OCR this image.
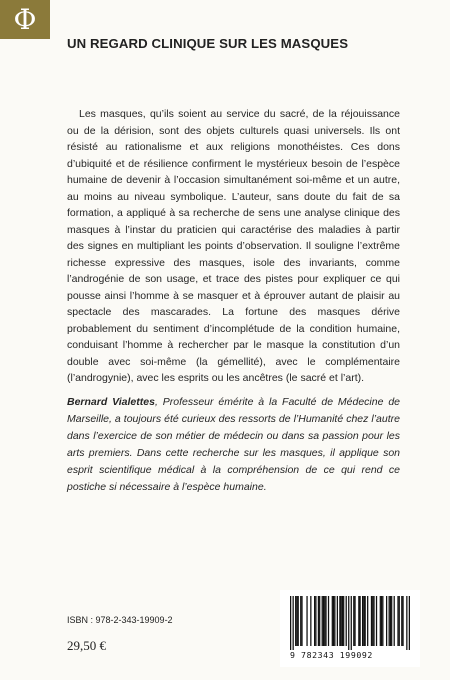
Φ
UN REGARD CLINIQUE SUR LES MASQUES

Les masques, qu’ils soient au service du sacré, de la réjouissance ou de la dérision, sont des objets culturels quasi universels. Ils ont résisté au rationalisme et aux religions monothéistes. Ces dons d’ubiquité et de résilience confirment le mystérieux besoin de l’espèce humaine de devenir à l’occasion simultanément soi-même et un autre, au moins au niveau symbolique. L’auteur, sans doute du fait de sa formation, a appliqué à sa recherche de sens une analyse clinique des masques à l’instar du praticien qui caractérise des maladies à partir des signes en multipliant les points d’observation. Il souligne l’extrême richesse expressive des masques, isole des invariants, comme l’androgénie de son usage, et trace des pistes pour expliquer ce qui pousse ainsi l’homme à se masquer et à éprouver autant de plaisir au spectacle des mascarades. La fortune des masques dérive probablement du sentiment d’incomplétude de la condition humaine, conduisant l’homme à rechercher par le masque la constitution d’un double avec soi-même (la gémellité), avec le complémentaire (l’androgynie), avec les esprits ou les ancêtres (le sacré et l’art).

Bernard Vialettes, Professeur émérite à la Faculté de Médecine de Marseille, a toujours été curieux des ressorts de l’Humanité chez l’autre dans l’exercice de son métier de médecin ou dans sa passion pour les arts premiers. Dans cette recherche sur les masques, il applique son esprit scientifique médical à la compréhension de ce qui rend ce postiche si nécessaire à l’espèce humaine.

ISBN : 978-2-343-19909-2
29,50 €
9 782343 199092
